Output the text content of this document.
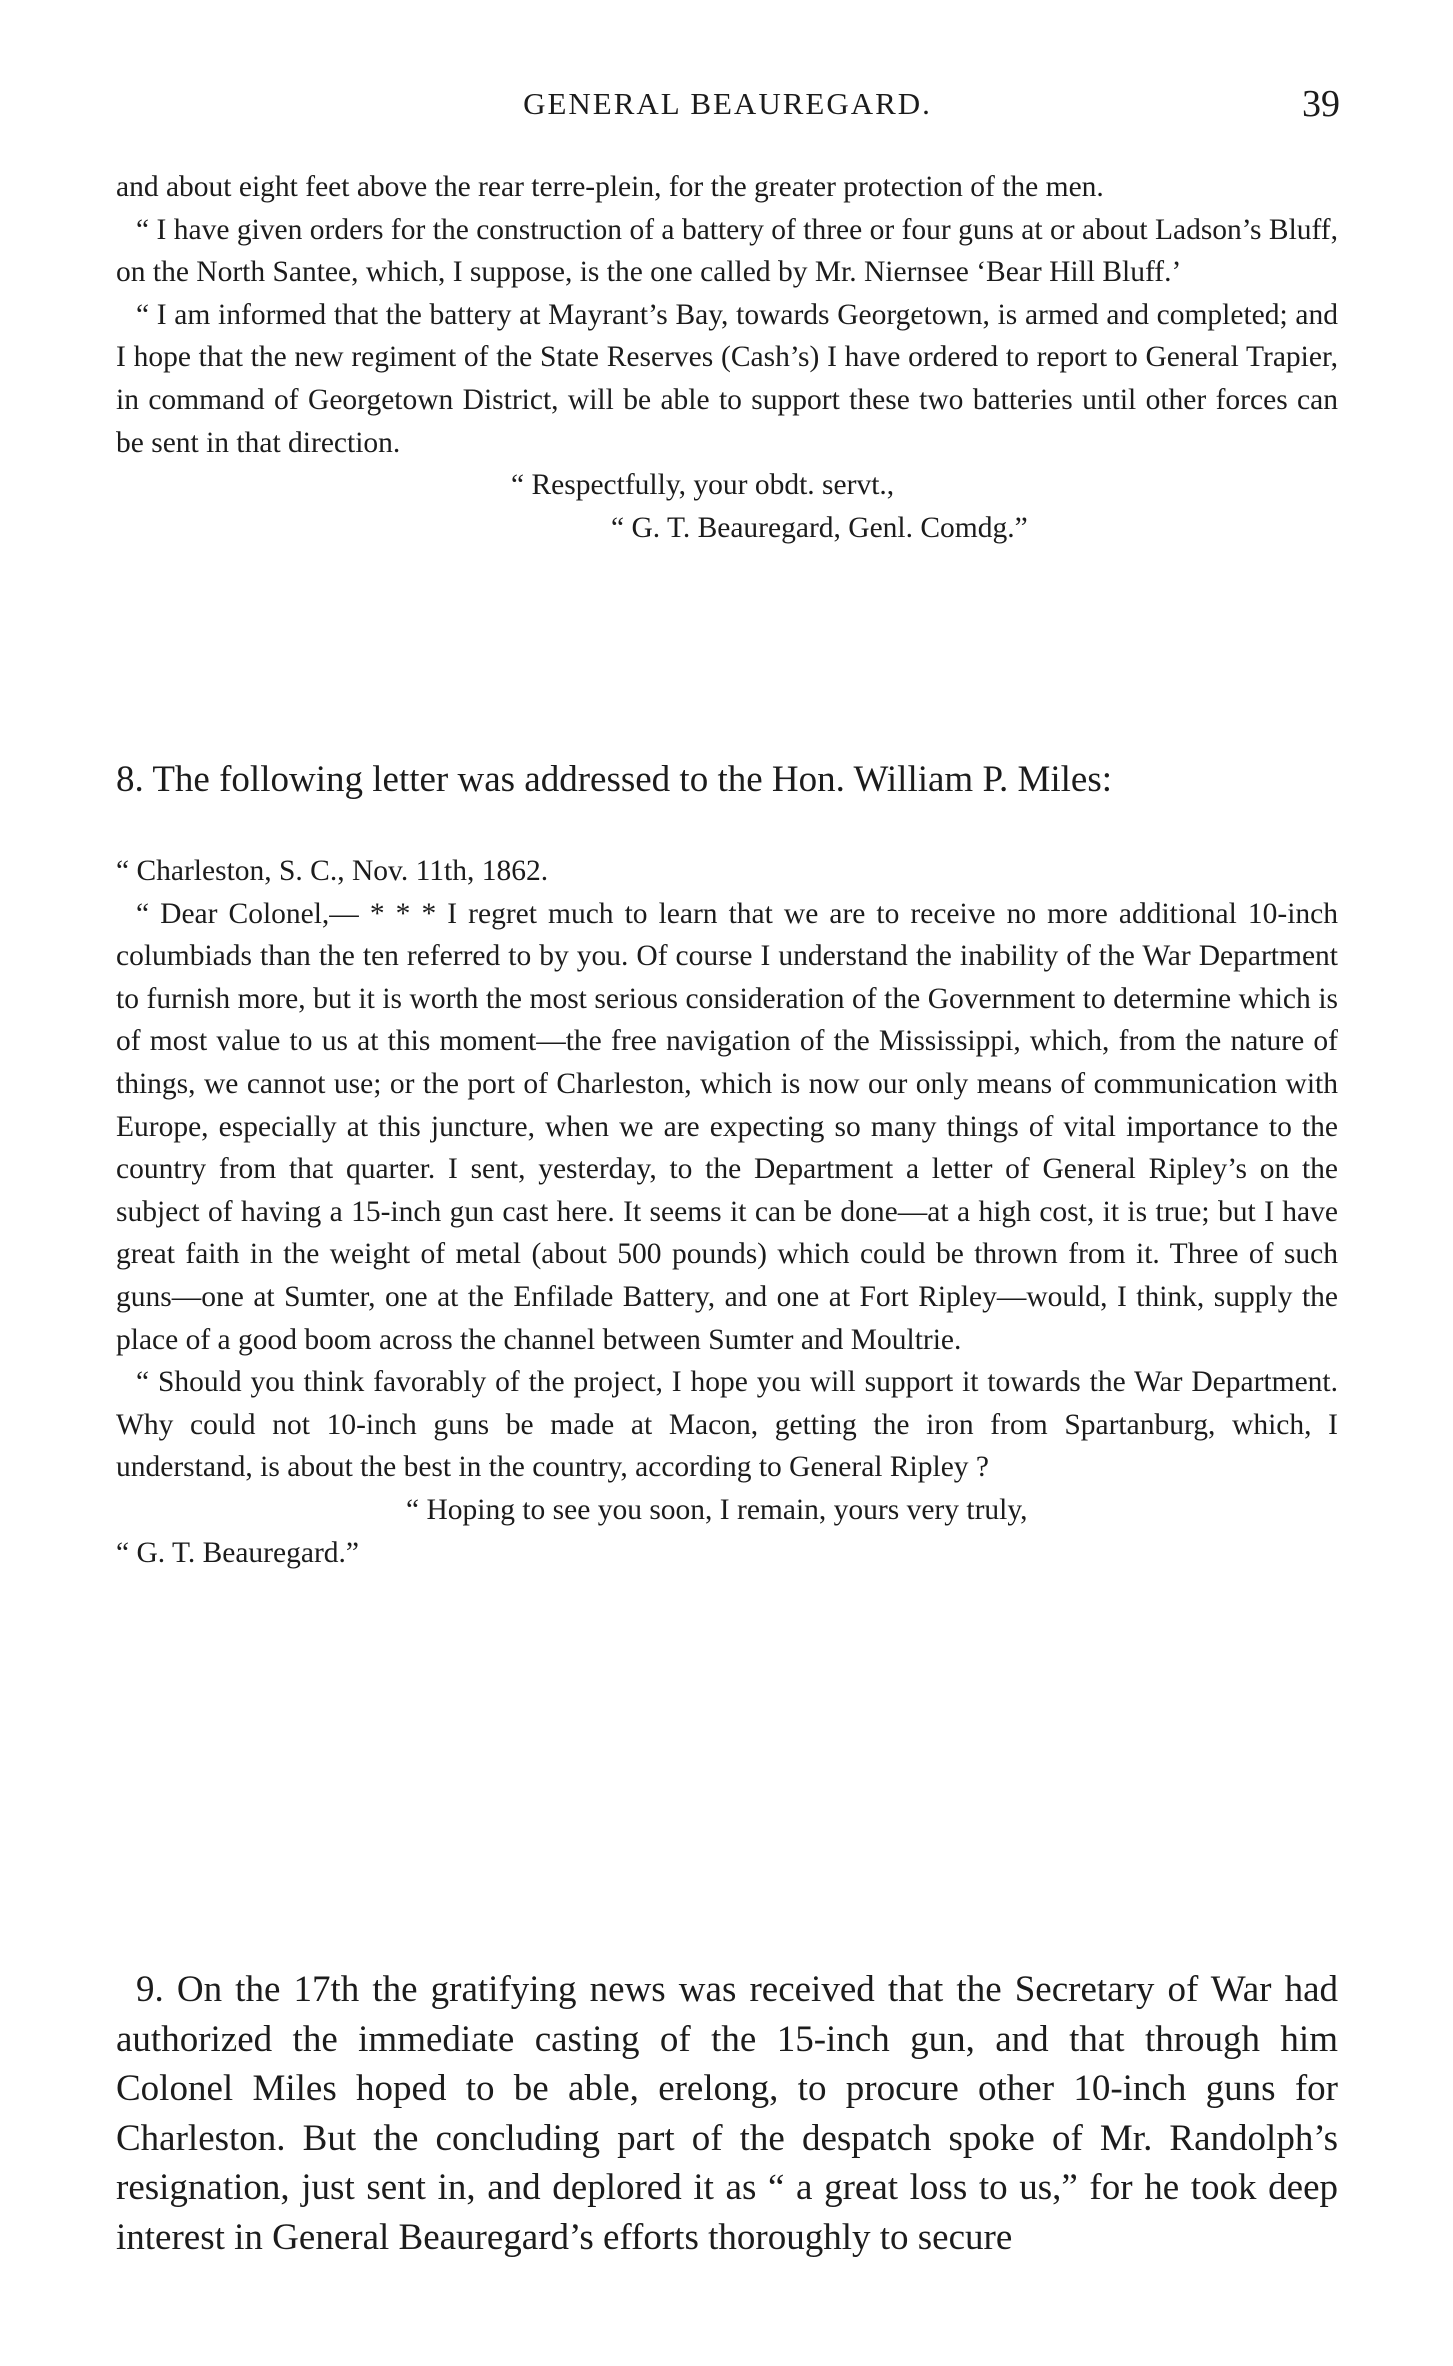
GENERAL BEAUREGARD.	39

and about eight feet above the rear terre-plein, for the greater protection of the men.

“ I have given orders for the construction of a battery of three or four guns at or about Ladson’s Bluff, on the North Santee, which, I suppose, is the one called by Mr. Niernsee ‘Bear Hill Bluff.’

“ I am informed that the battery at Mayrant’s Bay, towards Georgetown, is armed and completed; and I hope that the new regiment of the State Reserves (Cash’s) I have ordered to report to General Trapier, in command of Georgetown District, will be able to support these two batteries until other forces can be sent in that direction.

“ Respectfully, your obdt. servt.,

“ G. T. Beauregard, Genl. Comdg.”

8. The following letter was addressed to the Hon. William P. Miles:

“ Charleston, S. C., Nov. 11th, 1862.

“ Dear Colonel,— * * * I regret much to learn that we are to receive no more additional 10-inch columbiads than the ten referred to by you. Of course I understand the inability of the War Department to furnish more, but it is worth the most serious consideration of the Government to determine which is of most value to us at this moment—the free navigation of the Mississippi, which, from the nature of things, we cannot use; or the port of Charleston, which is now our only means of communication with Europe, especially at this juncture, when we are expecting so many things of vital importance to the country from that quarter. I sent, yesterday, to the Department a letter of General Ripley’s on the subject of having a 15-inch gun cast here. It seems it can be done—at a high cost, it is true; but I have great faith in the weight of metal (about 500 pounds) which could be thrown from it. Three of such guns—one at Sumter, one at the Enfilade Battery, and one at Fort Ripley—would, I think, supply the place of a good boom across the channel between Sumter and Moultrie.

“ Should you think favorably of the project, I hope you will support it towards the War Department. Why could not 10-inch guns be made at Macon, getting the iron from Spartanburg, which, I understand, is about the best in the country, according to General Ripley ?

“ Hoping to see you soon, I remain, yours very truly,

“ G. T. Beauregard.”

9. On the 17th the gratifying news was received that the Secretary of War had authorized the immediate casting of the 15-inch gun, and that through him Colonel Miles hoped to be able, erelong, to procure other 10-inch guns for Charleston. But the concluding part of the despatch spoke of Mr. Randolph’s resignation, just sent in, and deplored it as “ a great loss to us,” for he took deep interest in General Beauregard’s efforts thoroughly to secure
